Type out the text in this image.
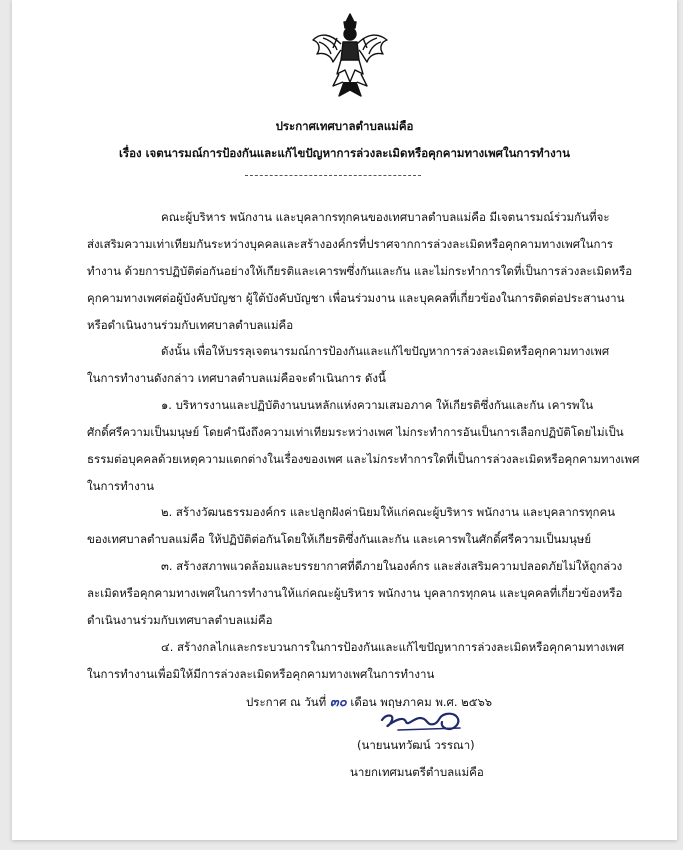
ประกาศเทศบาลตำบลแม่คือ
เรื่อง เจตนารมณ์การป้องกันและแก้ไขปัญหาการล่วงละเมิดหรือคุกคามทางเพศในการทำงาน
คณะผู้บริหาร พนักงาน และบุคลากรทุกคนของเทศบาลตำบลแม่คือ มีเจตนารมณ์ร่วมกันที่จะ
ส่งเสริมความเท่าเทียมกันระหว่างบุคคลและสร้างองค์กรที่ปราศจากการล่วงละเมิดหรือคุกคามทางเพศในการ
ทำงาน ด้วยการปฏิบัติต่อกันอย่างให้เกียรติและเคารพซึ่งกันและกัน และไม่กระทำการใดที่เป็นการล่วงละเมิดหรือ
คุกคามทางเพศต่อผู้บังคับบัญชา ผู้ใต้บังคับบัญชา เพื่อนร่วมงาน และบุคคลที่เกี่ยวข้องในการติดต่อประสานงาน
หรือดำเนินงานร่วมกับเทศบาลตำบลแม่คือ
ดังนั้น เพื่อให้บรรลุเจตนารมณ์การป้องกันและแก้ไขปัญหาการล่วงละเมิดหรือคุกคามทางเพศ
ในการทำงานดังกล่าว เทศบาลตำบลแม่คือจะดำเนินการ ดังนี้
๑. บริหารงานและปฏิบัติงานบนหลักแห่งความเสมอภาค ให้เกียรติซึ่งกันและกัน เคารพใน
ศักดิ์ศรีความเป็นมนุษย์ โดยคำนึงถึงความเท่าเทียมระหว่างเพศ ไม่กระทำการอันเป็นการเลือกปฏิบัติโดยไม่เป็น
ธรรมต่อบุคคลด้วยเหตุความแตกต่างในเรื่องของเพศ และไม่กระทำการใดที่เป็นการล่วงละเมิดหรือคุกคามทางเพศ
ในการทำงาน
๒. สร้างวัฒนธรรมองค์กร และปลูกฝังค่านิยมให้แก่คณะผู้บริหาร พนักงาน และบุคลากรทุกคน
ของเทศบาลตำบลแม่คือ ให้ปฏิบัติต่อกันโดยให้เกียรติซึ่งกันและกัน และเคารพในศักดิ์ศรีความเป็นมนุษย์
๓. สร้างสภาพแวดล้อมและบรรยากาศที่ดีภายในองค์กร และส่งเสริมความปลอดภัยไม่ให้ถูกล่วง
ละเมิดหรือคุกคามทางเพศในการทำงานให้แก่คณะผู้บริหาร พนักงาน บุคลากรทุกคน และบุคคลที่เกี่ยวข้องหรือ
ดำเนินงานร่วมกับเทศบาลตำบลแม่คือ
๔. สร้างกลไกและกระบวนการในการป้องกันและแก้ไขปัญหาการล่วงละเมิดหรือคุกคามทางเพศ
ในการทำงานเพื่อมิให้มีการล่วงละเมิดหรือคุกคามทางเพศในการทำงาน
ประกาศ ณ วันที่ ๓๐ เดือน พฤษภาคม พ.ศ. ๒๕๖๖
(นายนนทวัฒน์ วรรณา)
นายกเทศมนตรีตำบลแม่คือ
